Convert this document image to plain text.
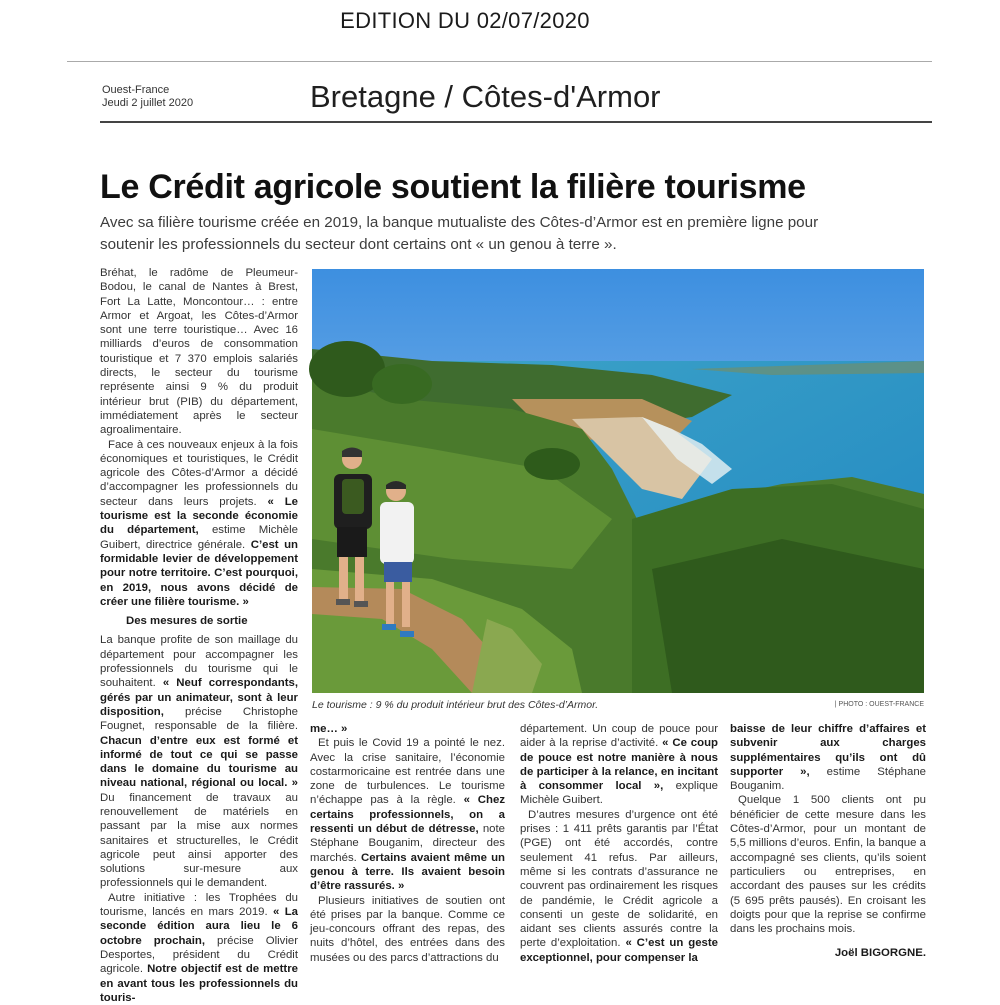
EDITION DU 02/07/2020
Ouest-France
Jeudi 2 juillet 2020	Bretagne / Côtes-d'Armor
Le Crédit agricole soutient la filière tourisme
Avec sa filière tourisme créée en 2019, la banque mutualiste des Côtes-d’Armor est en première ligne pour soutenir les professionnels du secteur dont certains ont « un genou à terre ».

Bréhat, le radôme de Pleumeur-Bodou, le canal de Nantes à Brest, Fort La Latte, Moncontour… : entre Armor et Argoat, les Côtes-d’Armor sont une terre touristique… Avec 16 milliards d’euros de consommation touristique et 7 370 emplois salariés directs, le secteur du tourisme représente ainsi 9 % du produit intérieur brut (PIB) du département, immédiatement après le secteur agroalimentaire.

Face à ces nouveaux enjeux à la fois économiques et touristiques, le Crédit agricole des Côtes-d’Armor a décidé d’accompagner les professionnels du secteur dans leurs projets. « Le tourisme est la seconde économie du département, estime Michèle Guibert, directrice générale. C’est un formidable levier de développement pour notre territoire. C’est pourquoi, en 2019, nous avons décidé de créer une filière tourisme. »

Des mesures de sortie

La banque profite de son maillage du département pour accompagner les professionnels du tourisme qui le souhaitent. « Neuf correspondants, gérés par un animateur, sont à leur disposition, précise Christophe Fougnet, responsable de la filière. Chacun d’entre eux est formé et informé de tout ce qui se passe dans le domaine du tourisme au niveau national, régional ou local. » Du financement de travaux au renouvellement de matériels en passant par la mise aux normes sanitaires et structurelles, le Crédit agricole peut ainsi apporter des solutions sur-mesure aux professionnels qui le demandent.

Autre initiative : les Trophées du tourisme, lancés en mars 2019. « La seconde édition aura lieu le 6 octobre prochain, précise Olivier Desportes, président du Crédit agricole. Notre objectif est de mettre en avant tous les professionnels du touris-

Le tourisme : 9 % du produit intérieur brut des Côtes-d’Armor.	| PHOTO : OUEST-FRANCE

me… »

Et puis le Covid 19 a pointé le nez. Avec la crise sanitaire, l’économie costarmoricaine est rentrée dans une zone de turbulences. Le tourisme n’échappe pas à la règle. « Chez certains professionnels, on a ressenti un début de détresse, note Stéphane Bouganim, directeur des marchés. Certains avaient même un genou à terre. Ils avaient besoin d’être rassurés. »

Plusieurs initiatives de soutien ont été prises par la banque. Comme ce jeu-concours offrant des repas, des nuits d’hôtel, des entrées dans des musées ou des parcs d’attractions du

département. Un coup de pouce pour aider à la reprise d’activité. « Ce coup de pouce est notre manière à nous de participer à la relance, en incitant à consommer local », explique Michèle Guibert.

D’autres mesures d’urgence ont été prises : 1 411 prêts garantis par l’État (PGE) ont été accordés, contre seulement 41 refus. Par ailleurs, même si les contrats d’assurance ne couvrent pas ordinairement les risques de pandémie, le Crédit agricole a consenti un geste de solidarité, en aidant ses clients assurés contre la perte d’exploitation. « C’est un geste exceptionnel, pour compenser la

baisse de leur chiffre d’affaires et subvenir aux charges supplémentaires qu’ils ont dû supporter », estime Stéphane Bouganim.

Quelque 1 500 clients ont pu bénéficier de cette mesure dans les Côtes-d’Armor, pour un montant de 5,5 millions d’euros. Enfin, la banque a accompagné ses clients, qu’ils soient particuliers ou entreprises, en accordant des pauses sur les crédits (5 695 prêts pausés). En croisant les doigts pour que la reprise se confirme dans les prochains mois.

Joël BIGORGNE.
